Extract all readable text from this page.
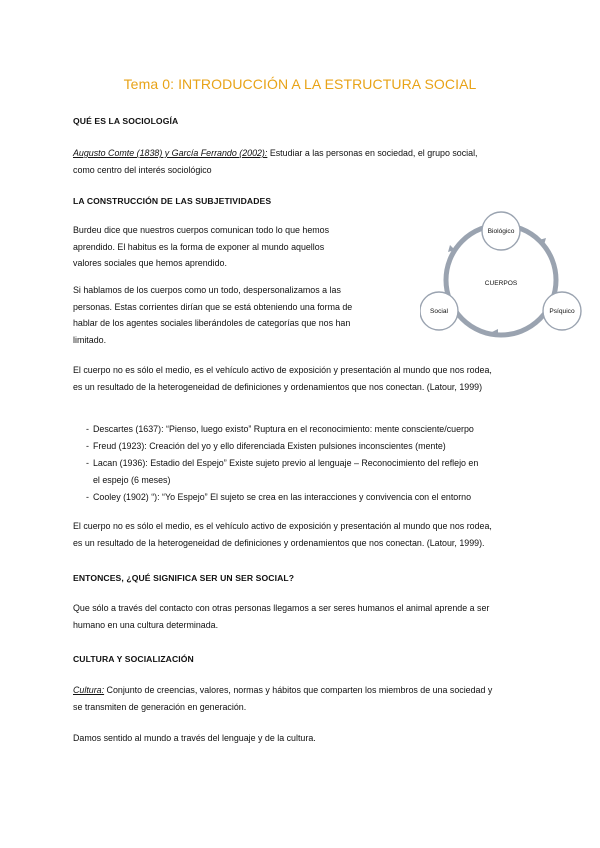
Tema 0: INTRODUCCIÓN A LA ESTRUCTURA SOCIAL
QUÉ ES LA SOCIOLOGÍA
Augusto Comte (1838) y García Ferrando (2002): Estudiar a las personas en sociedad, el grupo social,
como centro del interés sociológico
LA CONSTRUCCIÓN DE LAS SUBJETIVIDADES
Burdeu dice que nuestros cuerpos comunican todo lo que hemos
aprendido. El habitus es la forma de exponer al mundo aquellos
valores sociales que hemos aprendido.
Si hablamos de los cuerpos como un todo, despersonalizamos a las
personas. Estas corrientes dirían que se está obteniendo una forma de
hablar de los agentes sociales liberándoles de categorías que nos han
limitado.
Biológico
Social	Psíquico
CUERPOS
El cuerpo no es sólo el medio, es el vehículo activo de exposición y presentación al mundo que nos rodea,
es un resultado de la heterogeneidad de definiciones y ordenamientos que nos conectan. (Latour, 1999)
- Descartes (1637): “Pienso, luego existo” Ruptura en el reconocimiento: mente consciente/cuerpo
- Freud (1923): Creación del yo y ello diferenciada Existen pulsiones inconscientes (mente)
- Lacan (1936): Estadio del Espejo” Existe sujeto previo al lenguaje – Reconocimiento del reflejo en
el espejo (6 meses)
- Cooley (1902) “): “Yo Espejo” El sujeto se crea en las interacciones y convivencia con el entorno
El cuerpo no es sólo el medio, es el vehículo activo de exposición y presentación al mundo que nos rodea,
es un resultado de la heterogeneidad de definiciones y ordenamientos que nos conectan. (Latour, 1999).
ENTONCES, ¿QUÉ SIGNIFICA SER UN SER SOCIAL?
Que sólo a través del contacto con otras personas llegamos a ser seres humanos el animal aprende a ser
humano en una cultura determinada.
CULTURA Y SOCIALIZACIÓN
Cultura: Conjunto de creencias, valores, normas y hábitos que comparten los miembros de una sociedad y
se transmiten de generación en generación.
Damos sentido al mundo a través del lenguaje y de la cultura.
